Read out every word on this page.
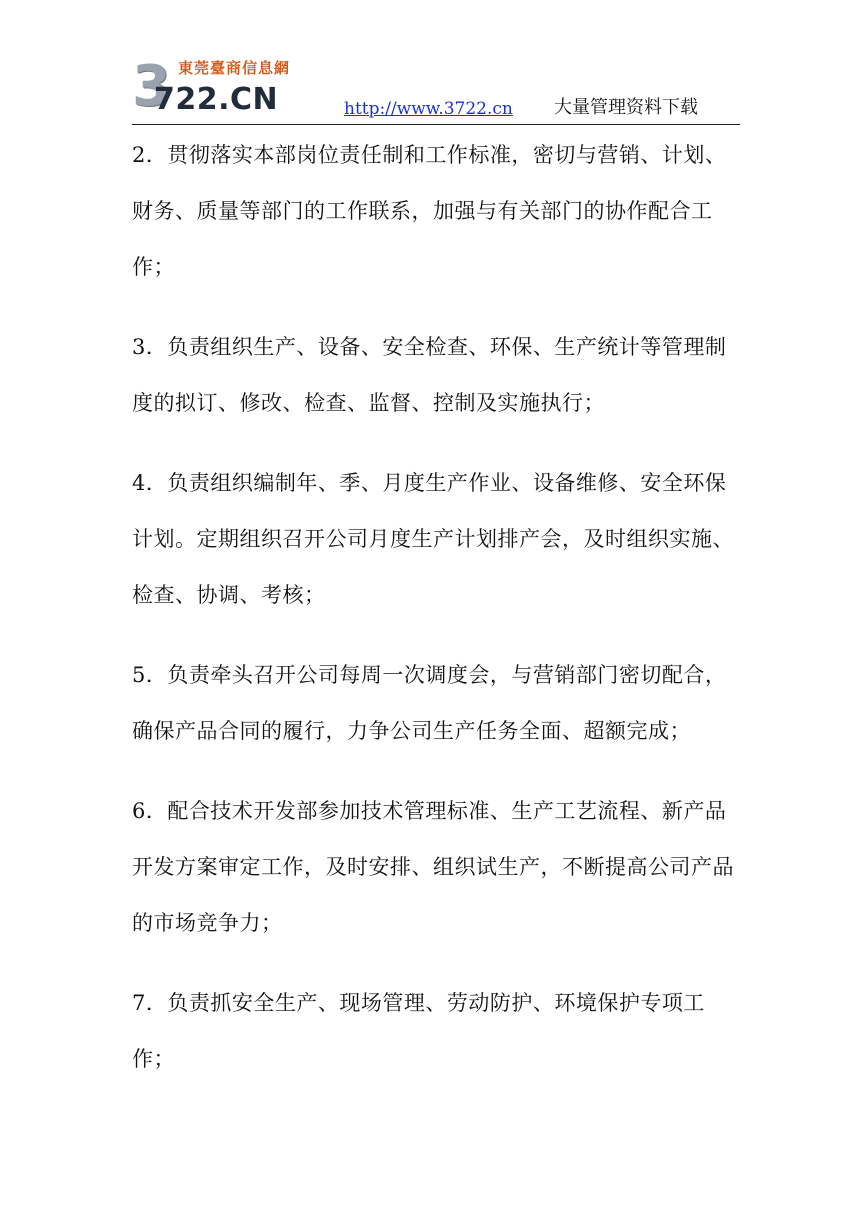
3
722.CN
東莞臺商信息網
http://www.3722.cn 大量管理资料下载

2．贯彻落实本部岗位责任制和工作标准，密切与营销、计划、财务、质量等部门的工作联系，加强与有关部门的协作配合工作；

3．负责组织生产、设备、安全检查、环保、生产统计等管理制度的拟订、修改、检查、监督、控制及实施执行；

4．负责组织编制年、季、月度生产作业、设备维修、安全环保计划。定期组织召开公司月度生产计划排产会，及时组织实施、检查、协调、考核；

5．负责牵头召开公司每周一次调度会，与营销部门密切配合，确保产品合同的履行，力争公司生产任务全面、超额完成；

6．配合技术开发部参加技术管理标准、生产工艺流程、新产品开发方案审定工作，及时安排、组织试生产，不断提高公司产品的市场竞争力；

7．负责抓安全生产、现场管理、劳动防护、环境保护专项工作；
